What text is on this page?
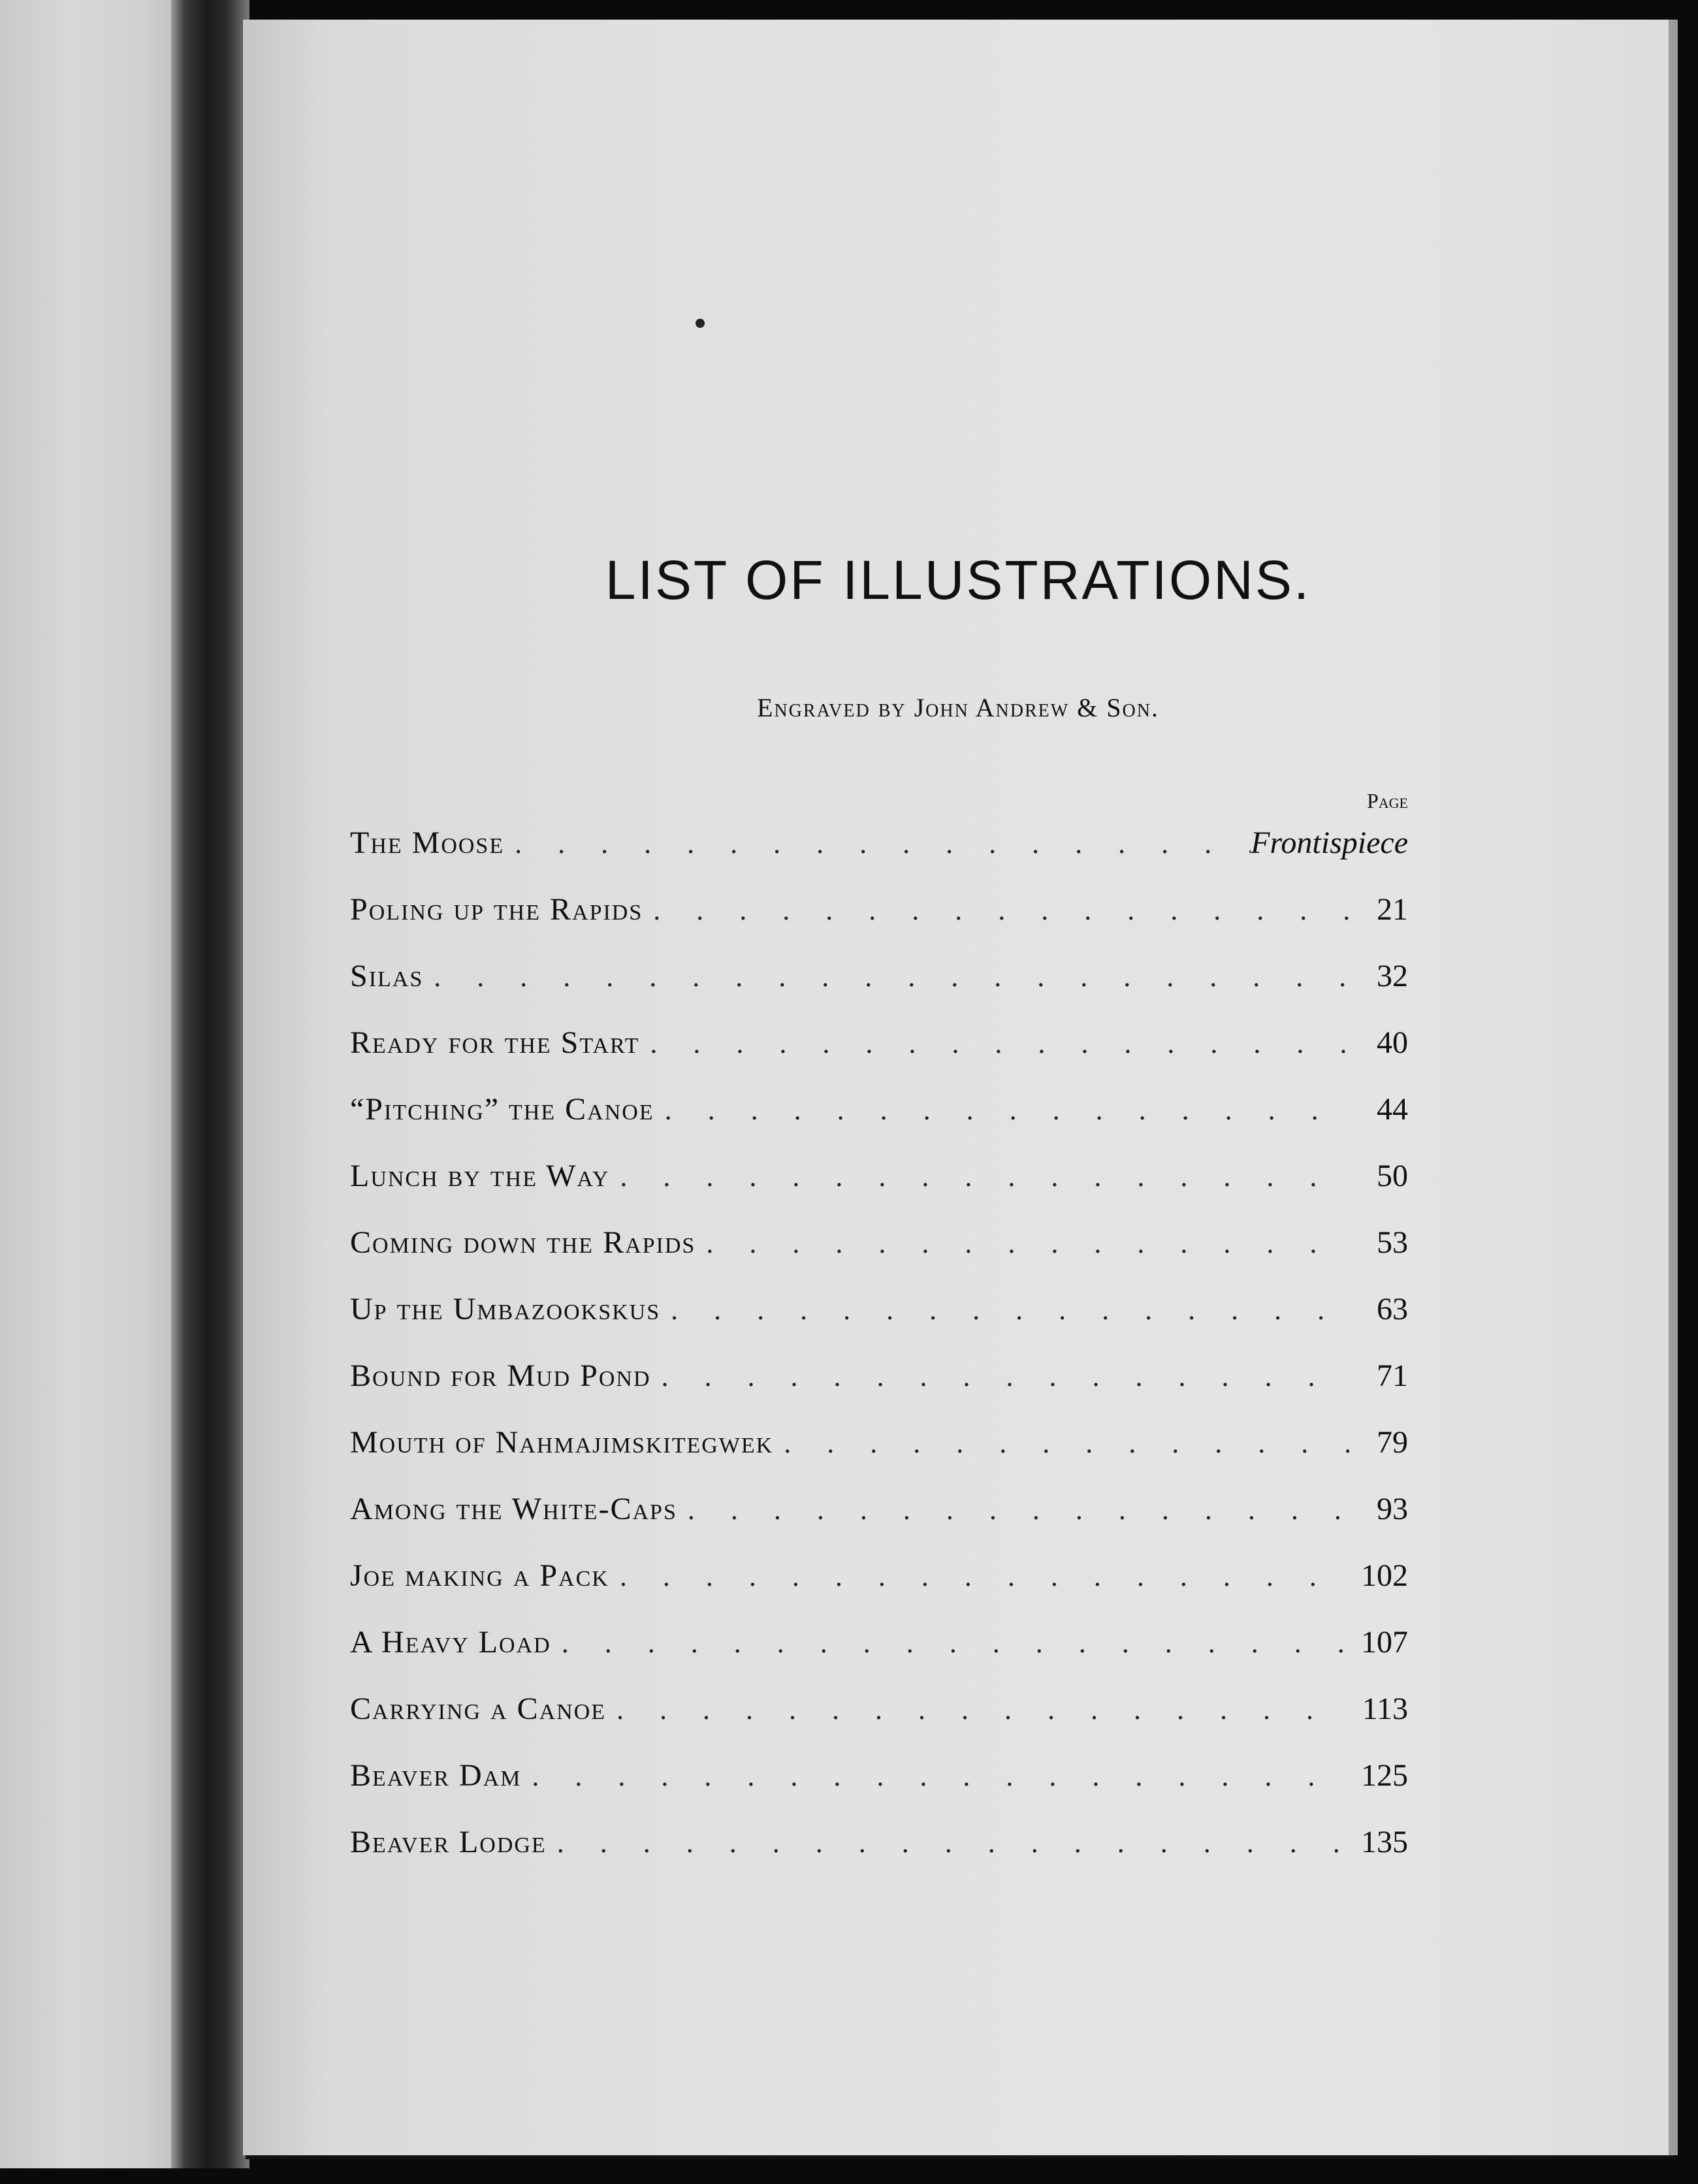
LIST OF ILLUSTRATIONS.
Engraved by John Andrew & Son.
Page
The Moose . . .	Frontispiece
Poling up the Rapids . . .	21
Silas . . .	32
Ready for the Start . . .	40
“Pitching” the Canoe . . .	44
Lunch by the Way . . .	50
Coming down the Rapids . . .	53
Up the Umbazookskus . . .	63
Bound for Mud Pond . . .	71
Mouth of Nahmajimskitegwek . . .	79
Among the White-Caps . . .	93
Joe making a Pack . . .	102
A Heavy Load . . .	107
Carrying a Canoe . . .	113
Beaver Dam . . .	125
Beaver Lodge . . .	135
